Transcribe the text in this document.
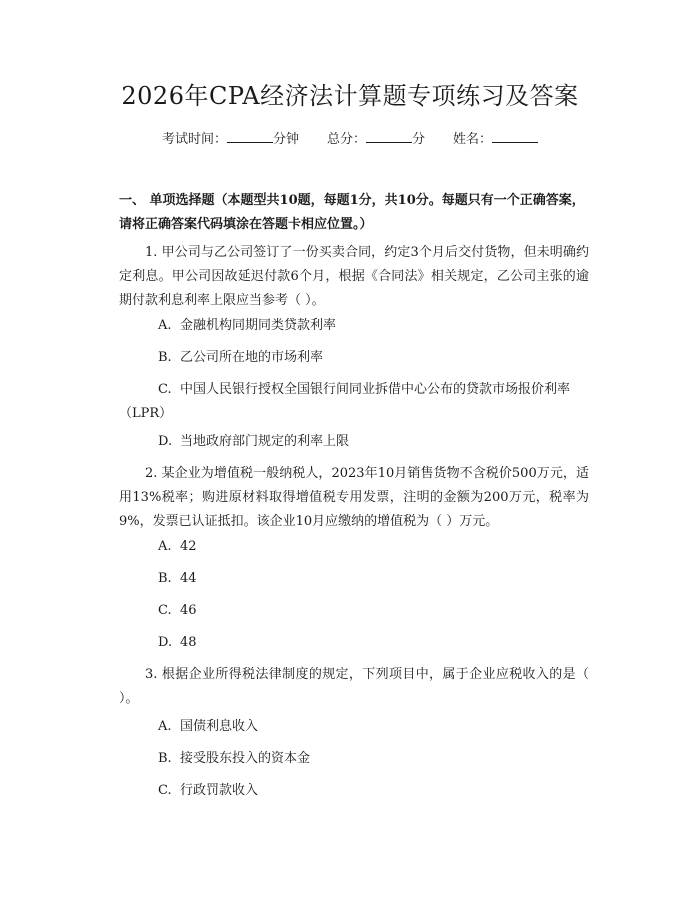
2026年CPA经济法计算题专项练习及答案
考试时间：	分钟 总分：	分 姓名：
一、 单项选择题（本题型共10题，每题1分，共10分。每题只有一个正确答案，请将正确答案代码填涂在答题卡相应位置。）
1. 甲公司与乙公司签订了一份买卖合同，约定3个月后交付货物，但未明确约定利息。甲公司因故延迟付款6个月，根据《合同法》相关规定，乙公司主张的逾期付款利息利率上限应当参考（ ）。
A. 金融机构同期同类贷款利率
B. 乙公司所在地的市场利率
C. 中国人民银行授权全国银行间同业拆借中心公布的贷款市场报价利率（LPR）
D. 当地政府部门规定的利率上限
2. 某企业为增值税一般纳税人，2023年10月销售货物不含税价500万元，适用13%税率；购进原材料取得增值税专用发票，注明的金额为200万元，税率为9%，发票已认证抵扣。该企业10月应缴纳的增值税为（ ）万元。
A. 42
B. 44
C. 46
D. 48
3. 根据企业所得税法律制度的规定，下列项目中，属于企业应税收入的是（ ）。
A. 国债利息收入
B. 接受股东投入的资本金
C. 行政罚款收入
